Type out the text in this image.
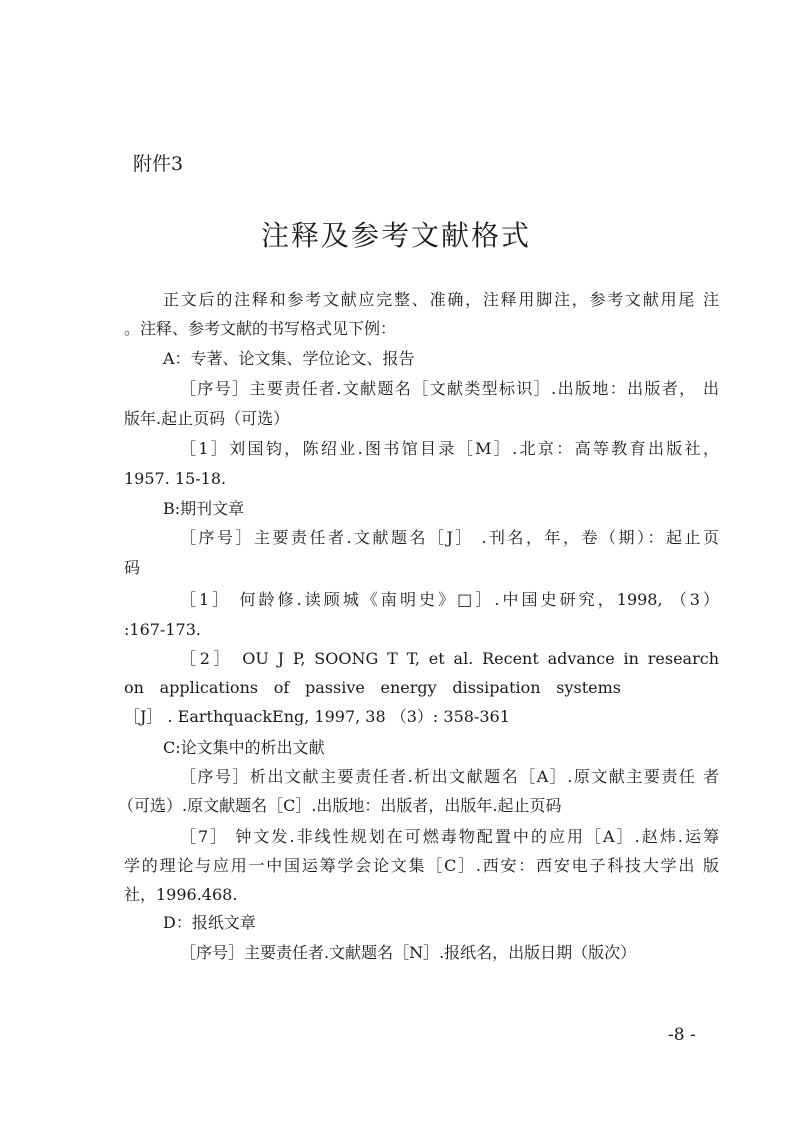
附件3
注释及参考文献格式
正文后的注释和参考文献应完整、准确，注释用脚注，参考文献用尾 注
。注释、参考文献的书写格式见下例：
A：专著、论文集、学位论文、报告
［序号］主要责任者.文献题名［文献类型标识］.出版地：出版者， 出
版年.起止页码（可选）
［1］刘国钧，陈绍业.图书馆目录［M］.北京：高等教育出版社，
1957. 15-18.
B:期刊文章
［序号］主要责任者.文献题名［J］ .刊名，年，卷（期）：起止页
码
［1］ 何龄修.读顾城《南明史》□］.中国史研究，1998, （3）
:167-173.
［2］ OU J P, SOONG T T, et al. Recent advance in research
on applications of passive energy dissipation systems
［J］ . EarthquackEng, 1997, 38 （3）: 358-361
C:论文集中的析出文献
［序号］析出文献主要责任者.析出文献题名［A］.原文献主要责任 者
（可选）.原文献题名［C］.出版地：出版者，出版年.起止页码
［7］ 钟文发.非线性规划在可燃毒物配置中的应用［A］.赵炜.运筹
学的理论与应用一中国运筹学会论文集［C］.西安：西安电子科技大学出 版
社，1996.468.
D：报纸文章
［序号］主要责任者.文献题名［N］.报纸名，出版日期（版次）
-8 -
